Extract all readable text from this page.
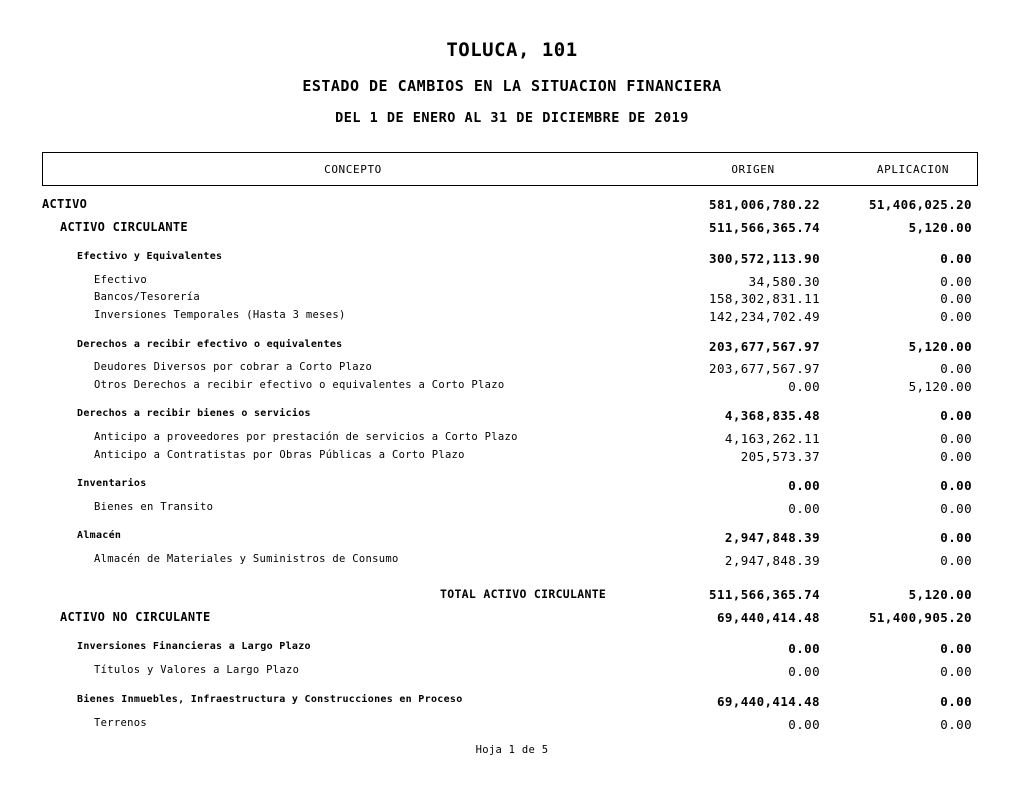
TOLUCA, 101
ESTADO DE CAMBIOS EN LA SITUACION FINANCIERA
DEL 1 DE ENERO AL 31 DE DICIEMBRE DE 2019
CONCEPTO	ORIGEN	APLICACION
ACTIVO	581,006,780.22	51,406,025.20
ACTIVO CIRCULANTE	511,566,365.74	5,120.00
Efectivo y Equivalentes	300,572,113.90	0.00
Efectivo	34,580.30	0.00
Bancos/Tesorería	158,302,831.11	0.00
Inversiones Temporales (Hasta 3 meses)	142,234,702.49	0.00
Derechos a recibir efectivo o equivalentes	203,677,567.97	5,120.00
Deudores Diversos por cobrar a Corto Plazo	203,677,567.97	0.00
Otros Derechos a recibir efectivo o equivalentes a Corto Plazo	0.00	5,120.00
Derechos a recibir bienes o servicios	4,368,835.48	0.00
Anticipo a proveedores por prestación de servicios a Corto Plazo	4,163,262.11	0.00
Anticipo a Contratistas por Obras Públicas a Corto Plazo	205,573.37	0.00
Inventarios	0.00	0.00
Bienes en Transito	0.00	0.00
Almacén	2,947,848.39	0.00
Almacén de Materiales y Suministros de Consumo	2,947,848.39	0.00
TOTAL ACTIVO CIRCULANTE	511,566,365.74	5,120.00
ACTIVO NO CIRCULANTE	69,440,414.48	51,400,905.20
Inversiones Financieras a Largo Plazo	0.00	0.00
Títulos y Valores a Largo Plazo	0.00	0.00
Bienes Inmuebles, Infraestructura y Construcciones en Proceso	69,440,414.48	0.00
Terrenos	0.00	0.00
Hoja 1 de 5
